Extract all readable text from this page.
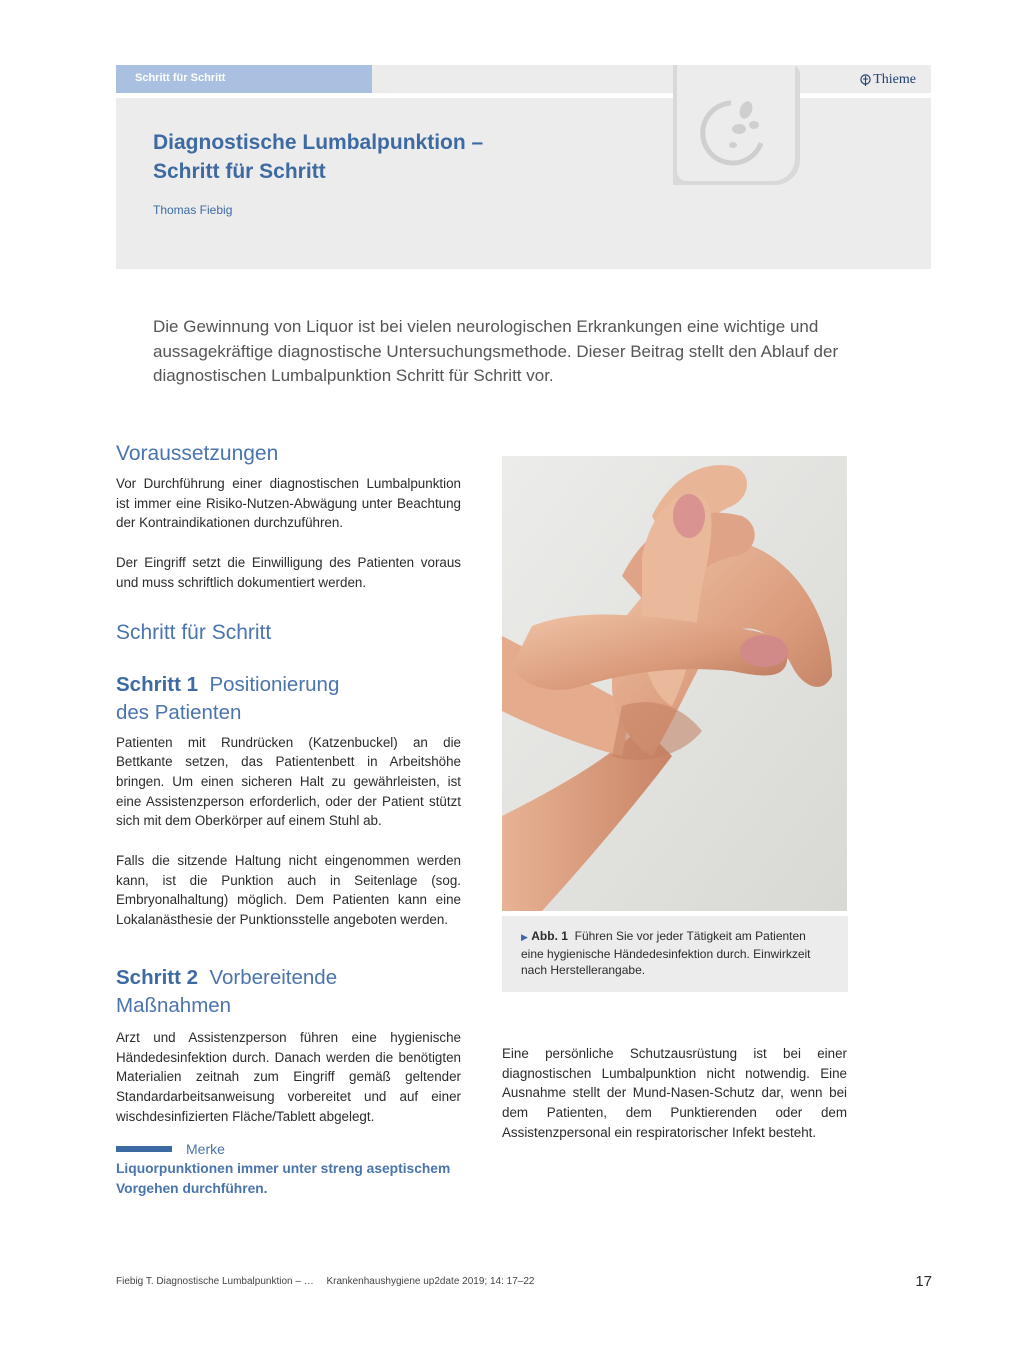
Schritt für Schritt	Thieme
Diagnostische Lumbalpunktion –
Schritt für Schritt
Thomas Fiebig

Die Gewinnung von Liquor ist bei vielen neurologischen Erkrankungen eine wichtige und aussagekräftige diagnostische Untersuchungsmethode. Dieser Beitrag stellt den Ablauf der diagnostischen Lumbalpunktion Schritt für Schritt vor.

Voraussetzungen

Vor Durchführung einer diagnostischen Lumbalpunktion ist immer eine Risiko-Nutzen-Abwägung unter Beachtung der Kontraindikationen durchzuführen.

Der Eingriff setzt die Einwilligung des Patienten voraus und muss schriftlich dokumentiert werden.

Schritt für Schritt
Schritt 1 Positionierung
des Patienten

Patienten mit Rundrücken (Katzenbuckel) an die Bettkante setzen, das Patientenbett in Arbeitshöhe bringen. Um einen sicheren Halt zu gewährleisten, ist eine Assistenzperson erforderlich, oder der Patient stützt sich mit dem Oberkörper auf einem Stuhl ab.

Falls die sitzende Haltung nicht eingenommen werden kann, ist die Punktion auch in Seitenlage (sog. Embryonalhaltung) möglich. Dem Patienten kann eine Lokalanästhesie der Punktionsstelle angeboten werden.

Schritt 2 Vorbereitende
Maßnahmen

Arzt und Assistenzperson führen eine hygienische Händedesinfektion durch. Danach werden die benötigten Materialien zeitnah zum Eingriff gemäß geltender Standardarbeitsanweisung vorbereitet und auf einer wischdesinfizierten Fläche/Tablett abgelegt.

Merke
Liquorpunktionen immer unter streng aseptischem Vorgehen durchführen.
▶ Abb. 1 Führen Sie vor jeder Tätigkeit am Patienten eine hygienische Händedesinfektion durch. Einwirkzeit nach Herstellerangabe.

Eine persönliche Schutzausrüstung ist bei einer diagnostischen Lumbalpunktion nicht notwendig. Eine Ausnahme stellt der Mund-Nasen-Schutz dar, wenn bei dem Patienten, dem Punktierenden oder dem Assistenzpersonal ein respiratorischer Infekt besteht.

Fiebig T. Diagnostische Lumbalpunktion – … Krankenhaushygiene up2date 2019; 14: 17–22	17
